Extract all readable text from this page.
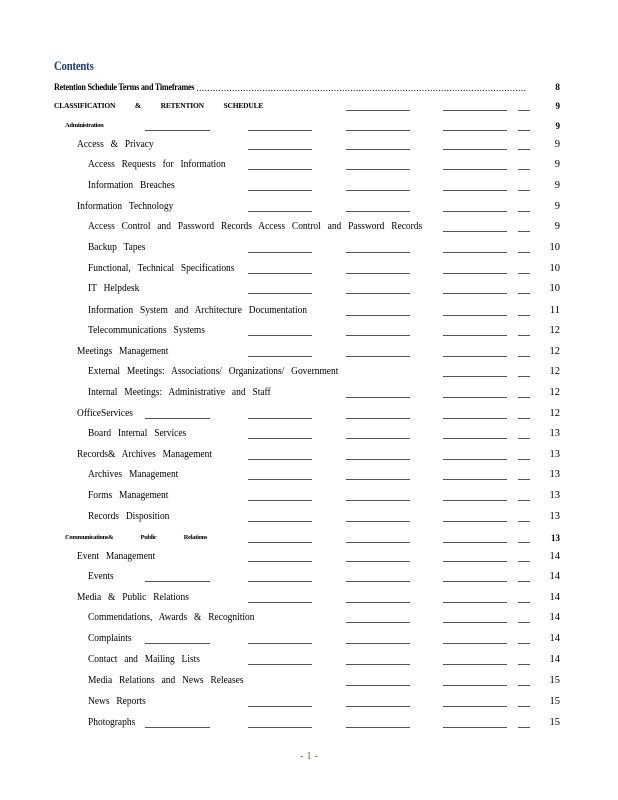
Contents
Retention Schedule Terms and Timeframes	8
........................................................................................................................
CLASSIFICATION & RETENTION SCHEDULE	9
Administration	9
Access & Privacy	9
Access Requests for Information	9
Information Breaches	9
Information Technology	9
Access Control and Password Records Access Control and Password Records	9
Backup Tapes	10
Functional, Technical Specifications	10
IT Helpdesk	10
Information System and Architecture Documentation	11
Telecommunications Systems	12
Meetings Management	12
External Meetings: Associations/ Organizations/ Government	12
Internal Meetings: Administrative and Staff	12
OfficeServices	12
Board Internal Services	13
Records& Archives Management	13
Archives Management	13
Forms Management	13
Records Disposition	13
Communications& Public Relations	13
Event Management	14
Events	14
Media & Public Relations	14
Commendations, Awards & Recognition	14
Complaints	14
Contact and Mailing Lists	14
Media Relations and News Releases	15
News Reports	15
Photographs	15
- 1 -
